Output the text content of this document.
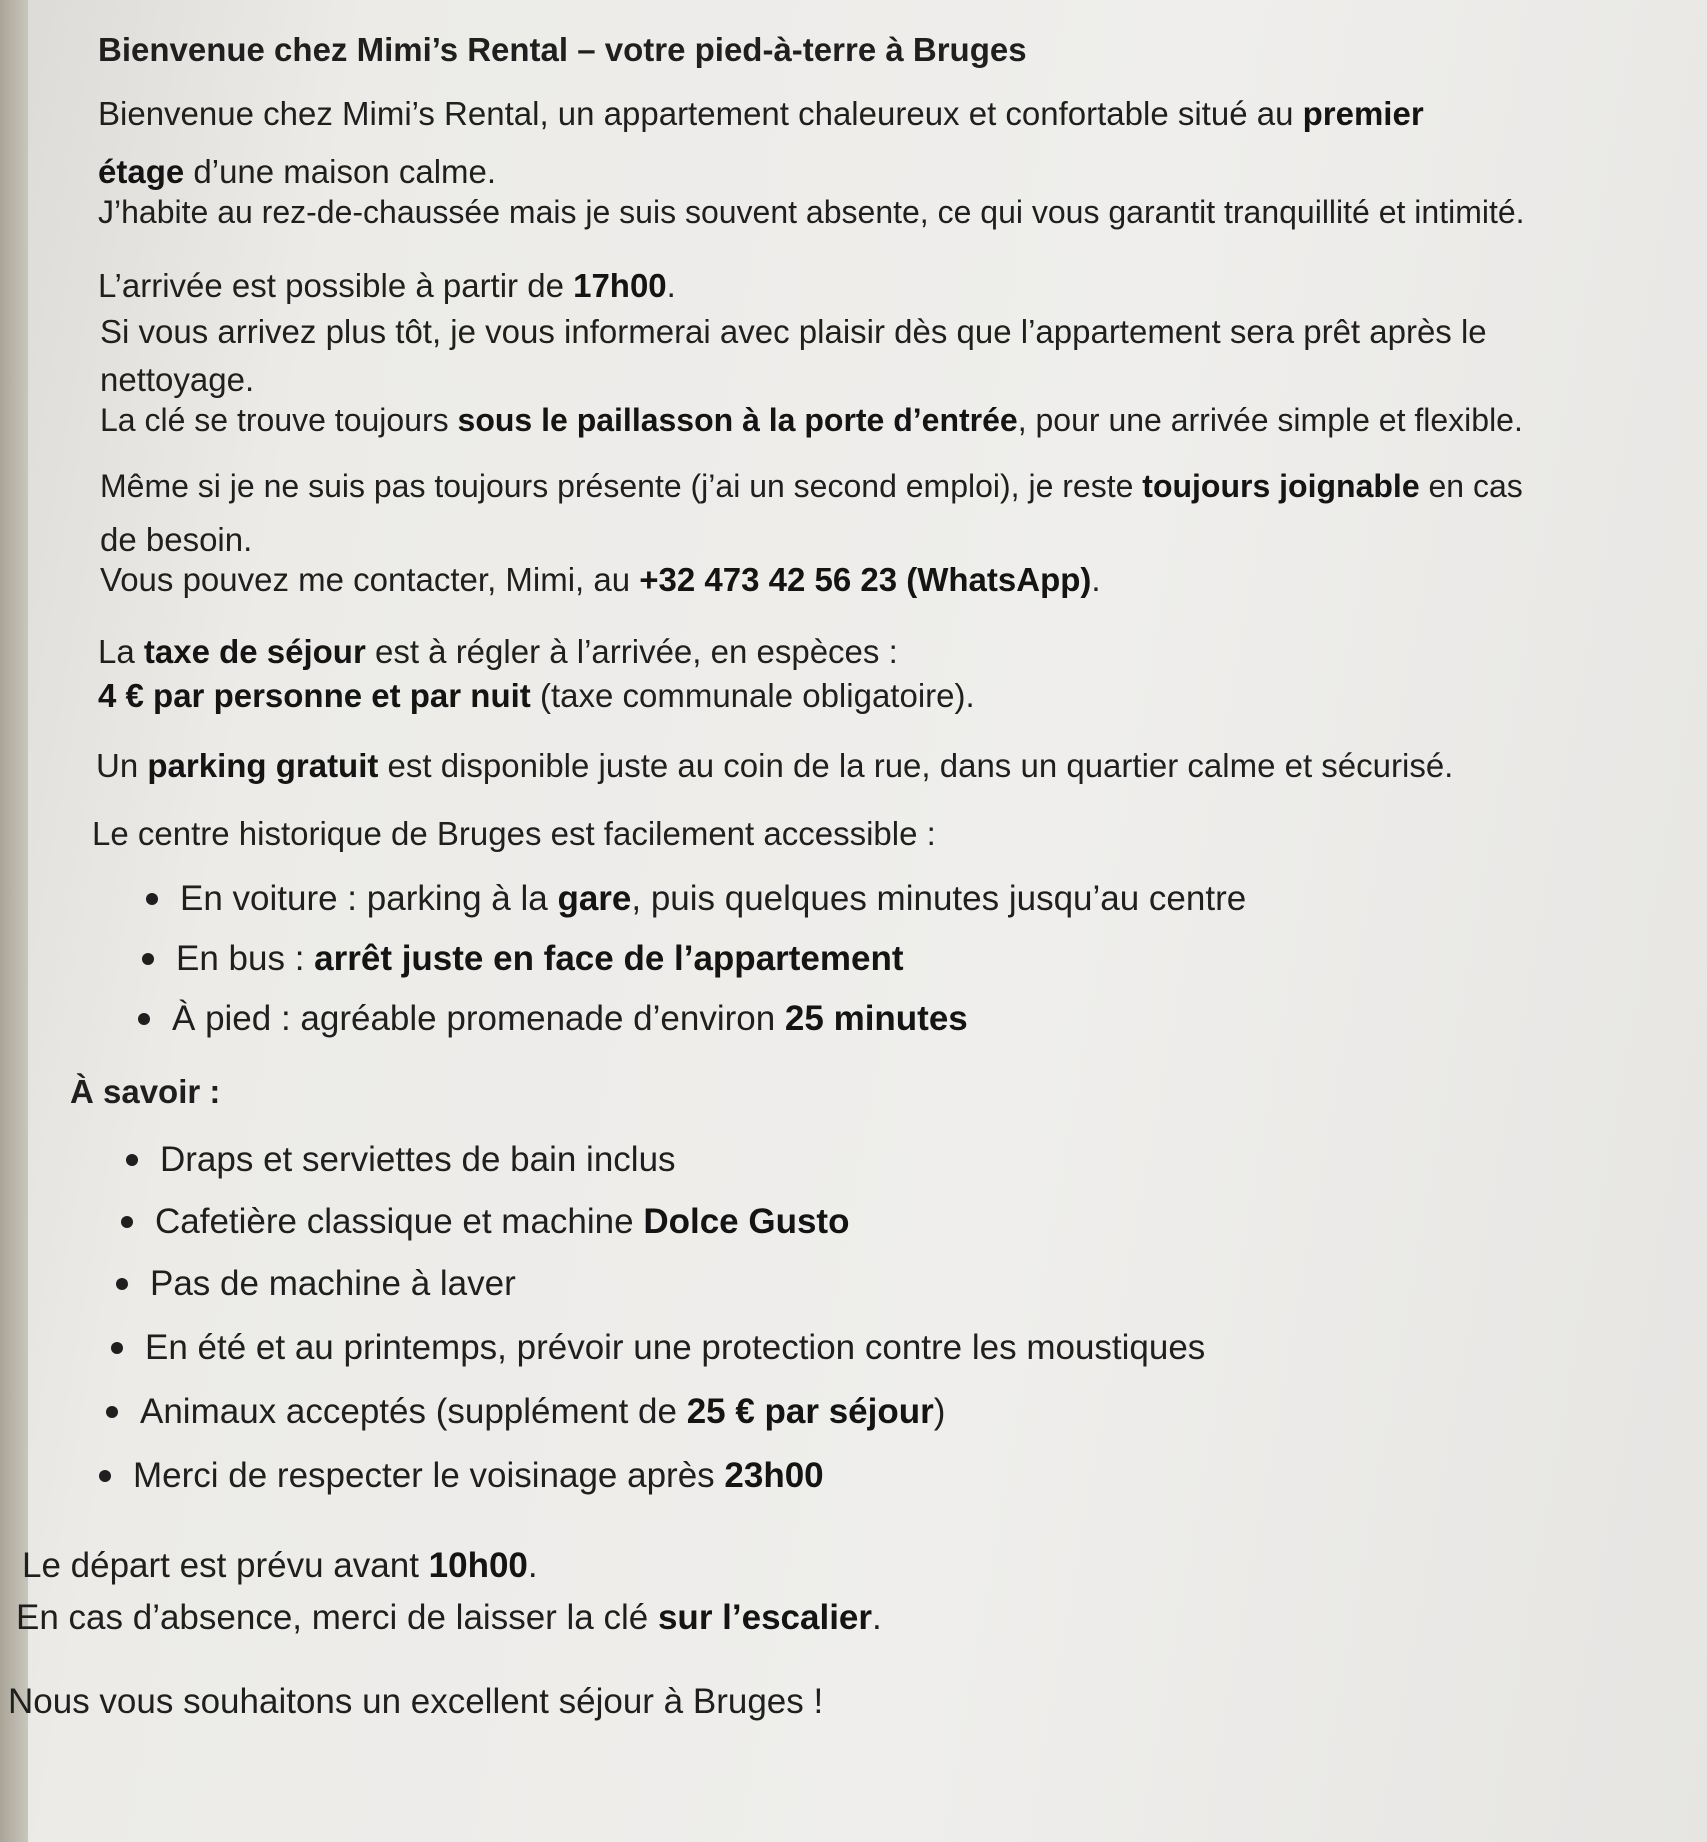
Bienvenue chez Mimi’s Rental – votre pied-à-terre à Bruges

Bienvenue chez Mimi’s Rental, un appartement chaleureux et confortable situé au premier

étage d’une maison calme.

J’habite au rez-de-chaussée mais je suis souvent absente, ce qui vous garantit tranquillité et intimité.

L’arrivée est possible à partir de 17h00.

Si vous arrivez plus tôt, je vous informerai avec plaisir dès que l’appartement sera prêt après le

nettoyage.

La clé se trouve toujours sous le paillasson à la porte d’entrée, pour une arrivée simple et flexible.

Même si je ne suis pas toujours présente (j’ai un second emploi), je reste toujours joignable en cas

de besoin.

Vous pouvez me contacter, Mimi, au +32 473 42 56 23 (WhatsApp).

La taxe de séjour est à régler à l’arrivée, en espèces :

4 € par personne et par nuit (taxe communale obligatoire).

Un parking gratuit est disponible juste au coin de la rue, dans un quartier calme et sécurisé.

Le centre historique de Bruges est facilement accessible :

En voiture : parking à la gare, puis quelques minutes jusqu’au centre
En bus : arrêt juste en face de l’appartement
À pied : agréable promenade d’environ 25 minutes

À savoir :

Draps et serviettes de bain inclus
Cafetière classique et machine Dolce Gusto
Pas de machine à laver
En été et au printemps, prévoir une protection contre les moustiques
Animaux acceptés (supplément de 25 € par séjour)
Merci de respecter le voisinage après 23h00

Le départ est prévu avant 10h00.

En cas d’absence, merci de laisser la clé sur l’escalier.

Nous vous souhaitons un excellent séjour à Bruges !
